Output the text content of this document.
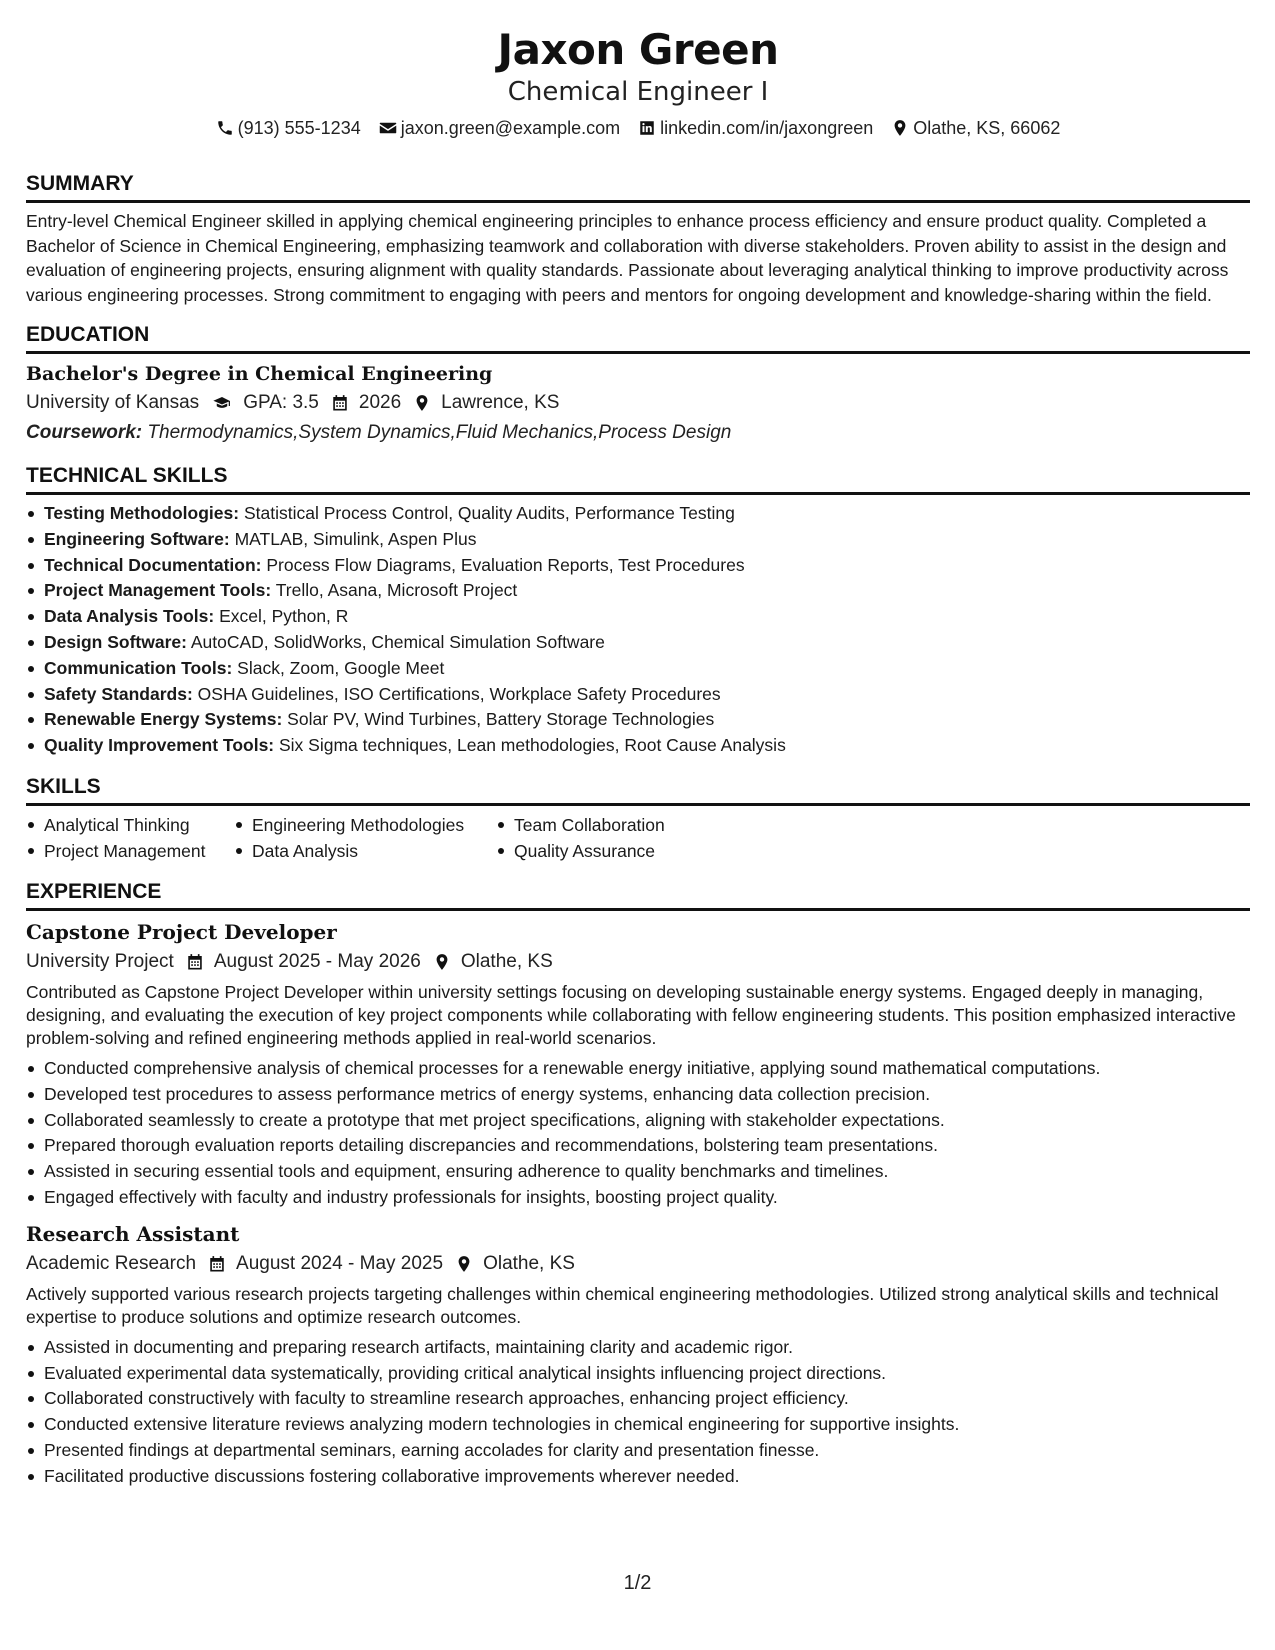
Jaxon Green
Chemical Engineer I
(913) 555-1234 jaxon.green@example.com linkedin.com/in/jaxongreen Olathe, KS, 66062
SUMMARY
Entry-level Chemical Engineer skilled in applying chemical engineering principles to enhance process efficiency and ensure product quality. Completed a Bachelor of Science in Chemical Engineering, emphasizing teamwork and collaboration with diverse stakeholders. Proven ability to assist in the design and evaluation of engineering projects, ensuring alignment with quality standards. Passionate about leveraging analytical thinking to improve productivity across various engineering processes. Strong commitment to engaging with peers and mentors for ongoing development and knowledge-sharing within the field.
EDUCATION
Bachelor's Degree in Chemical Engineering
University of Kansas GPA: 3.5 2026 Lawrence, KS
Coursework: Thermodynamics,System Dynamics,Fluid Mechanics,Process Design
TECHNICAL SKILLS
Testing Methodologies: Statistical Process Control, Quality Audits, Performance Testing
Engineering Software: MATLAB, Simulink, Aspen Plus
Technical Documentation: Process Flow Diagrams, Evaluation Reports, Test Procedures
Project Management Tools: Trello, Asana, Microsoft Project
Data Analysis Tools: Excel, Python, R
Design Software: AutoCAD, SolidWorks, Chemical Simulation Software
Communication Tools: Slack, Zoom, Google Meet
Safety Standards: OSHA Guidelines, ISO Certifications, Workplace Safety Procedures
Renewable Energy Systems: Solar PV, Wind Turbines, Battery Storage Technologies
Quality Improvement Tools: Six Sigma techniques, Lean methodologies, Root Cause Analysis
SKILLS
Analytical Thinking	Engineering Methodologies	Team Collaboration
Project Management	Data Analysis	Quality Assurance
EXPERIENCE
Capstone Project Developer
University Project August 2025 - May 2026 Olathe, KS
Contributed as Capstone Project Developer within university settings focusing on developing sustainable energy systems. Engaged deeply in managing, designing, and evaluating the execution of key project components while collaborating with fellow engineering students. This position emphasized interactive problem-solving and refined engineering methods applied in real-world scenarios.
Conducted comprehensive analysis of chemical processes for a renewable energy initiative, applying sound mathematical computations.
Developed test procedures to assess performance metrics of energy systems, enhancing data collection precision.
Collaborated seamlessly to create a prototype that met project specifications, aligning with stakeholder expectations.
Prepared thorough evaluation reports detailing discrepancies and recommendations, bolstering team presentations.
Assisted in securing essential tools and equipment, ensuring adherence to quality benchmarks and timelines.
Engaged effectively with faculty and industry professionals for insights, boosting project quality.
Research Assistant
Academic Research August 2024 - May 2025 Olathe, KS
Actively supported various research projects targeting challenges within chemical engineering methodologies. Utilized strong analytical skills and technical expertise to produce solutions and optimize research outcomes.
Assisted in documenting and preparing research artifacts, maintaining clarity and academic rigor.
Evaluated experimental data systematically, providing critical analytical insights influencing project directions.
Collaborated constructively with faculty to streamline research approaches, enhancing project efficiency.
Conducted extensive literature reviews analyzing modern technologies in chemical engineering for supportive insights.
Presented findings at departmental seminars, earning accolades for clarity and presentation finesse.
Facilitated productive discussions fostering collaborative improvements wherever needed.
1/2
